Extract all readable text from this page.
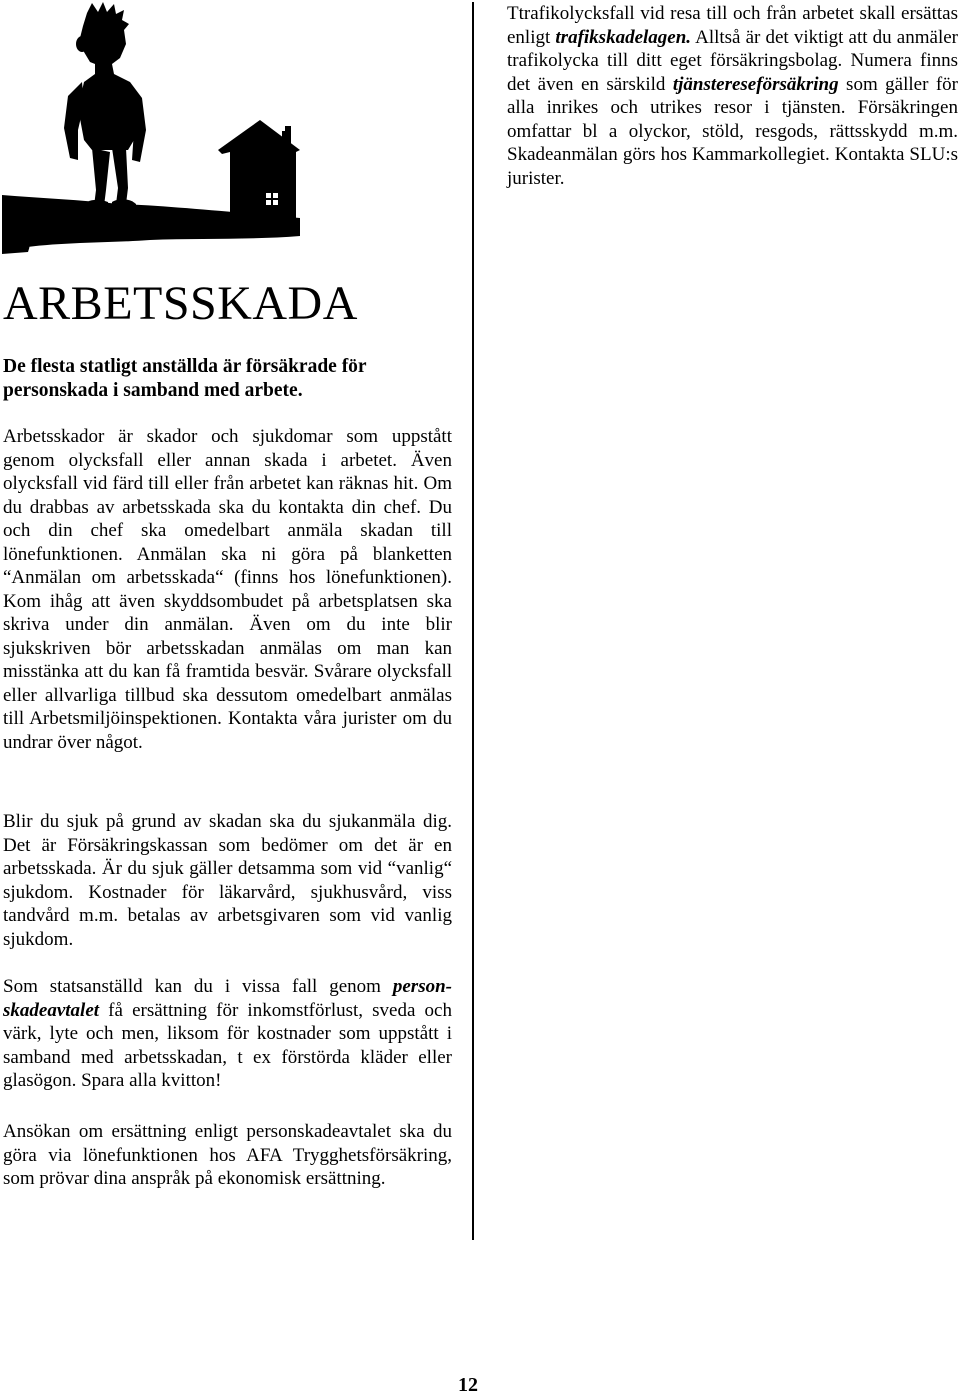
Ttrafikolycksfall vid resa till och från arbetet skall ersättas enligt trafikskadelagen. Alltså är det viktigt att du anmäler trafikolycka till ditt eget försäkringsbolag. Numera finns det även en särskild tjänstereseförsäkring som gäller för alla inrikes och utrikes resor i tjänsten. Försäkringen omfattar bl a olyckor, stöld, resgods, rättsskydd m.m. Skadeanmälan görs hos Kammarkollegiet. Kontakta SLU:s jurister.

ARBETSSKADA

De flesta statligt anställda är försäkrade för personskada i samband med arbete.

Arbetsskador är skador och sjukdomar som uppstått genom olycksfall eller annan skada i arbetet. Även olycksfall vid färd till eller från arbetet kan räknas hit. Om du drabbas av arbetsskada ska du kontakta din chef. Du och din chef ska omedelbart anmäla skadan till lönefunktionen. Anmälan ska ni göra på blanketten “Anmälan om arbetsskada“ (finns hos lönefunktionen). Kom ihåg att även skyddsombudet på arbetsplatsen ska skriva under din anmälan. Även om du inte blir sjukskriven bör arbetsskadan anmälas om man kan misstänka att du kan få framtida besvär. Svårare olycksfall eller allvarliga tillbud ska dessutom omedelbart anmälas till Arbetsmiljöinspektionen. Kontakta våra jurister om du undrar över något.

Blir du sjuk på grund av skadan ska du sjukanmäla dig. Det är Försäkringskassan som bedömer om det är en arbetsskada. Är du sjuk gäller detsamma som vid “vanlig“ sjukdom. Kostnader för läkarvård, sjukhusvård, viss tandvård m.m. betalas av arbetsgivaren som vid vanlig sjukdom.

Som statsanställd kan du i vissa fall genom person-skadeavtalet få ersättning för inkomstförlust, sveda och värk, lyte och men, liksom för kostnader som uppstått i samband med arbetsskadan, t ex förstörda kläder eller glasögon. Spara alla kvitton!

Ansökan om ersättning enligt personskadeavtalet ska du göra via lönefunktionen hos AFA Trygghetsförsäkring, som prövar dina anspråk på ekonomisk ersättning.

12
